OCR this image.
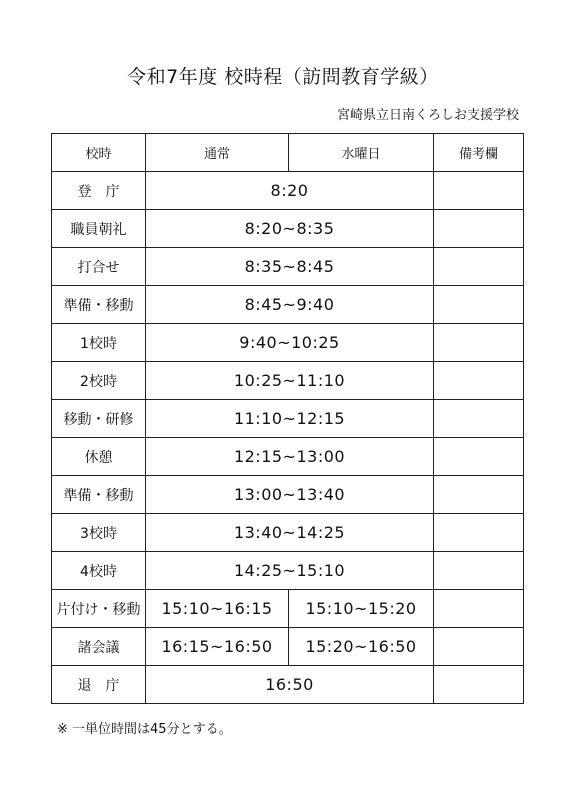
令和7年度 校時程（訪問教育学級）
宮崎県立日南くろしお支援学校
校時	通常	水曜日	備考欄
登　庁	8:20		
職員朝礼	8:20~8:35		
打合せ	8:35~8:45		
準備・移動	8:45~9:40		
1校時	9:40~10:25		
2校時	10:25~11:10		
移動・研修	11:10~12:15		
休憩	12:15~13:00		
準備・移動	13:00~13:40		
3校時	13:40~14:25		
4校時	14:25~15:10		
片付け・移動	15:10~16:15	15:10~15:20	
諸会議	16:15~16:50	15:20~16:50	
退　庁	16:50		
※ 一単位時間は45分とする。
